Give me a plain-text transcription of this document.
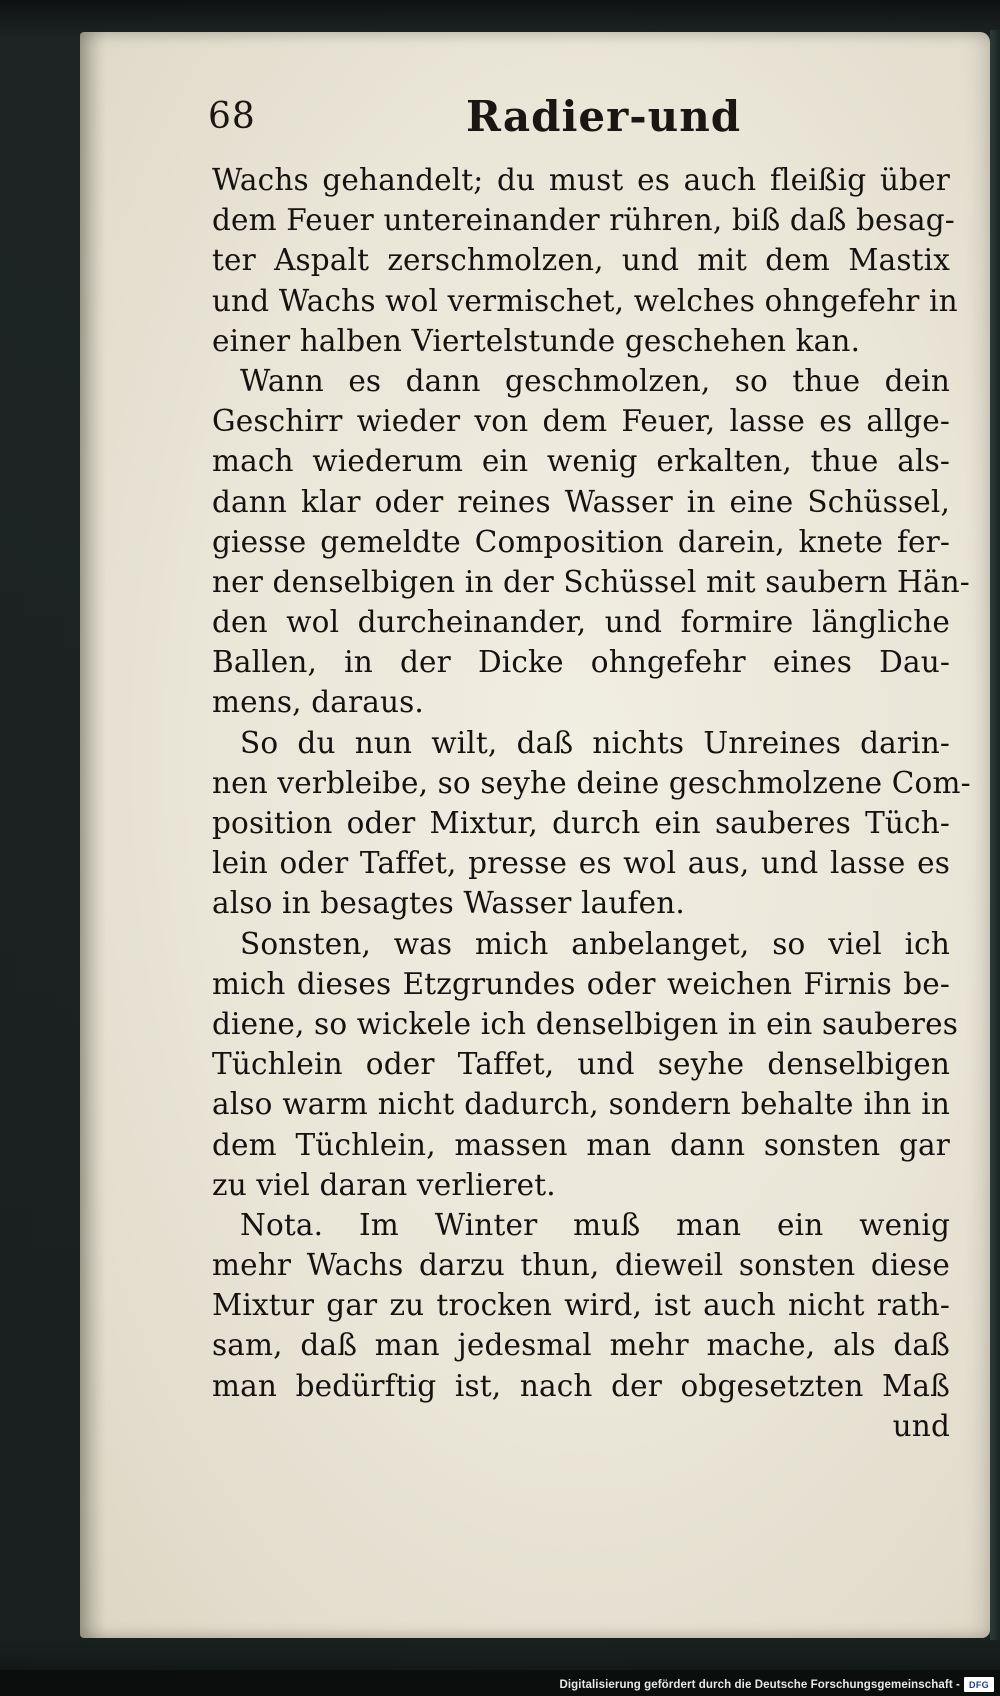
68	Radier‑und
Wachs gehandelt; du must es auch fleißig über
dem Feuer untereinander rühren, biß daß besag‑
ter Aspalt zerschmolzen, und mit dem Mastix
und Wachs wol vermischet, welches ohngefehr in
einer halben Viertelstunde geschehen kan.
Wann es dann geschmolzen, so thue dein
Geschirr wieder von dem Feuer, lasse es allge‑
mach wiederum ein wenig erkalten, thue als‑
dann klar oder reines Wasser in eine Schüssel,
giesse gemeldte Composition darein, knete fer‑
ner denselbigen in der Schüssel mit saubern Hän‑
den wol durcheinander, und formire längliche
Ballen, in der Dicke ohngefehr eines Dau‑
mens, daraus.
So du nun wilt, daß nichts Unreines darin‑
nen verbleibe, so seyhe deine geschmolzene Com‑
position oder Mixtur, durch ein sauberes Tüch‑
lein oder Taffet, presse es wol aus, und lasse es
also in besagtes Wasser laufen.
Sonsten, was mich anbelanget, so viel ich
mich dieses Etzgrundes oder weichen Firnis be‑
diene, so wickele ich denselbigen in ein sauberes
Tüchlein oder Taffet, und seyhe denselbigen
also warm nicht dadurch, sondern behalte ihn in
dem Tüchlein, massen man dann sonsten gar
zu viel daran verlieret.
Nota. Im Winter muß man ein wenig
mehr Wachs darzu thun, dieweil sonsten diese
Mixtur gar zu trocken wird, ist auch nicht rath‑
sam, daß man jedesmal mehr mache, als daß
man bedürftig ist, nach der obgesetzten Maß
und
Digitalisierung gefördert durch die Deutsche Forschungsgemeinschaft -	DFG
